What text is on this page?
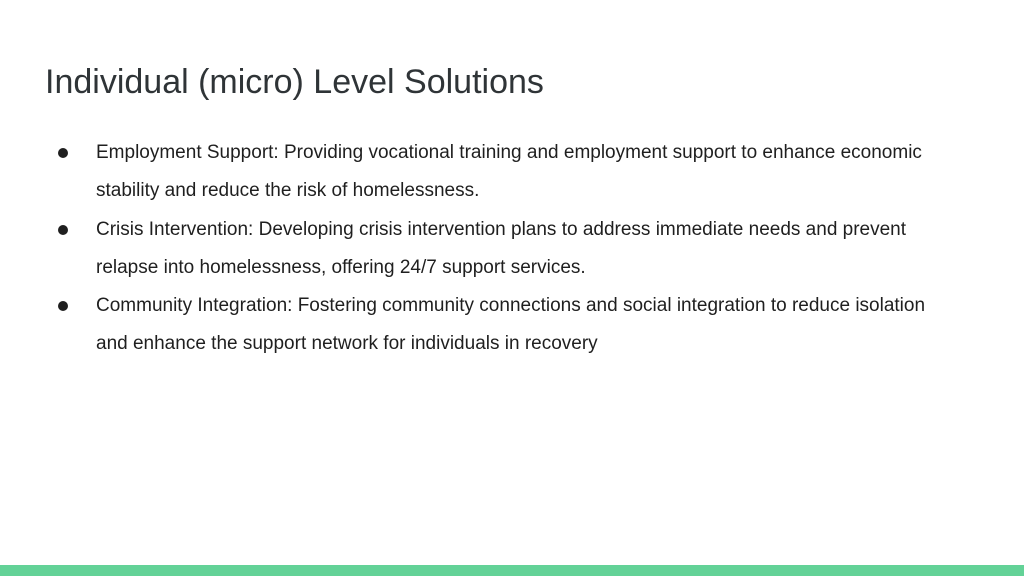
Individual (micro) Level Solutions
Employment Support: Providing vocational training and employment support to enhance economic stability and reduce the risk of homelessness.
Crisis Intervention: Developing crisis intervention plans to address immediate needs and prevent relapse into homelessness, offering 24/7 support services.
Community Integration: Fostering community connections and social integration to reduce isolation and enhance the support network for individuals in recovery
